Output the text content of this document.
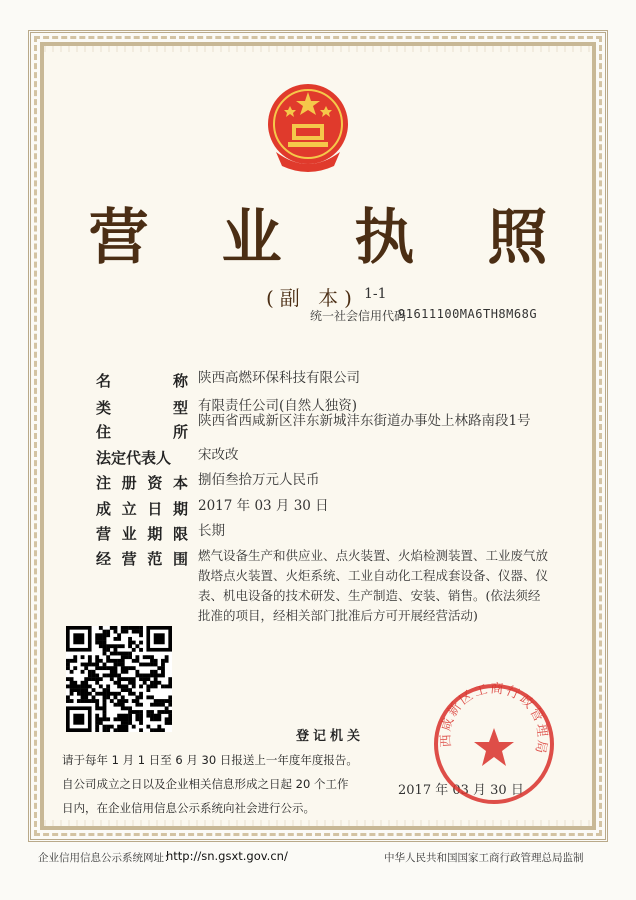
营 业 执 照
(副 本) 1-1
统一社会信用代码
91611100MA6TH8M68G
名	称 陕西高燃环保科技有限公司
类	型 有限责任公司(自然人独资)
住	所
陕西省西咸新区沣东新城沣东街道办事处上林路南段1号
法定代表人 宋改改
注 册 资 本 捌佰叁拾万元人民币
成 立 日 期 2017 年 03 月 30 日
营 业 期 限 长期
经 营 范 围 燃气设备生产和供应业、点火装置、火焰检测装置、工业废气放散塔点火装置、火炬系统、工业自动化工程成套设备、仪器、仪表、机电设备的技术研发、生产制造、安装、销售。(依法须经批准的项目，经相关部门批准后方可开展经营活动)
登记机关
请于每年 1 月 1 日至 6 月 30 日报送上一年度年度报告。
自公司成立之日以及企业相关信息形成之日起 20 个工作
日内，在企业信用信息公示系统向社会进行公示。
2017 年 03 月 30 日
西咸新区工商行政管理局
企业信用信息公示系统网址：
http://sn.gsxt.gov.cn/	中华人民共和国国家工商行政管理总局监制
